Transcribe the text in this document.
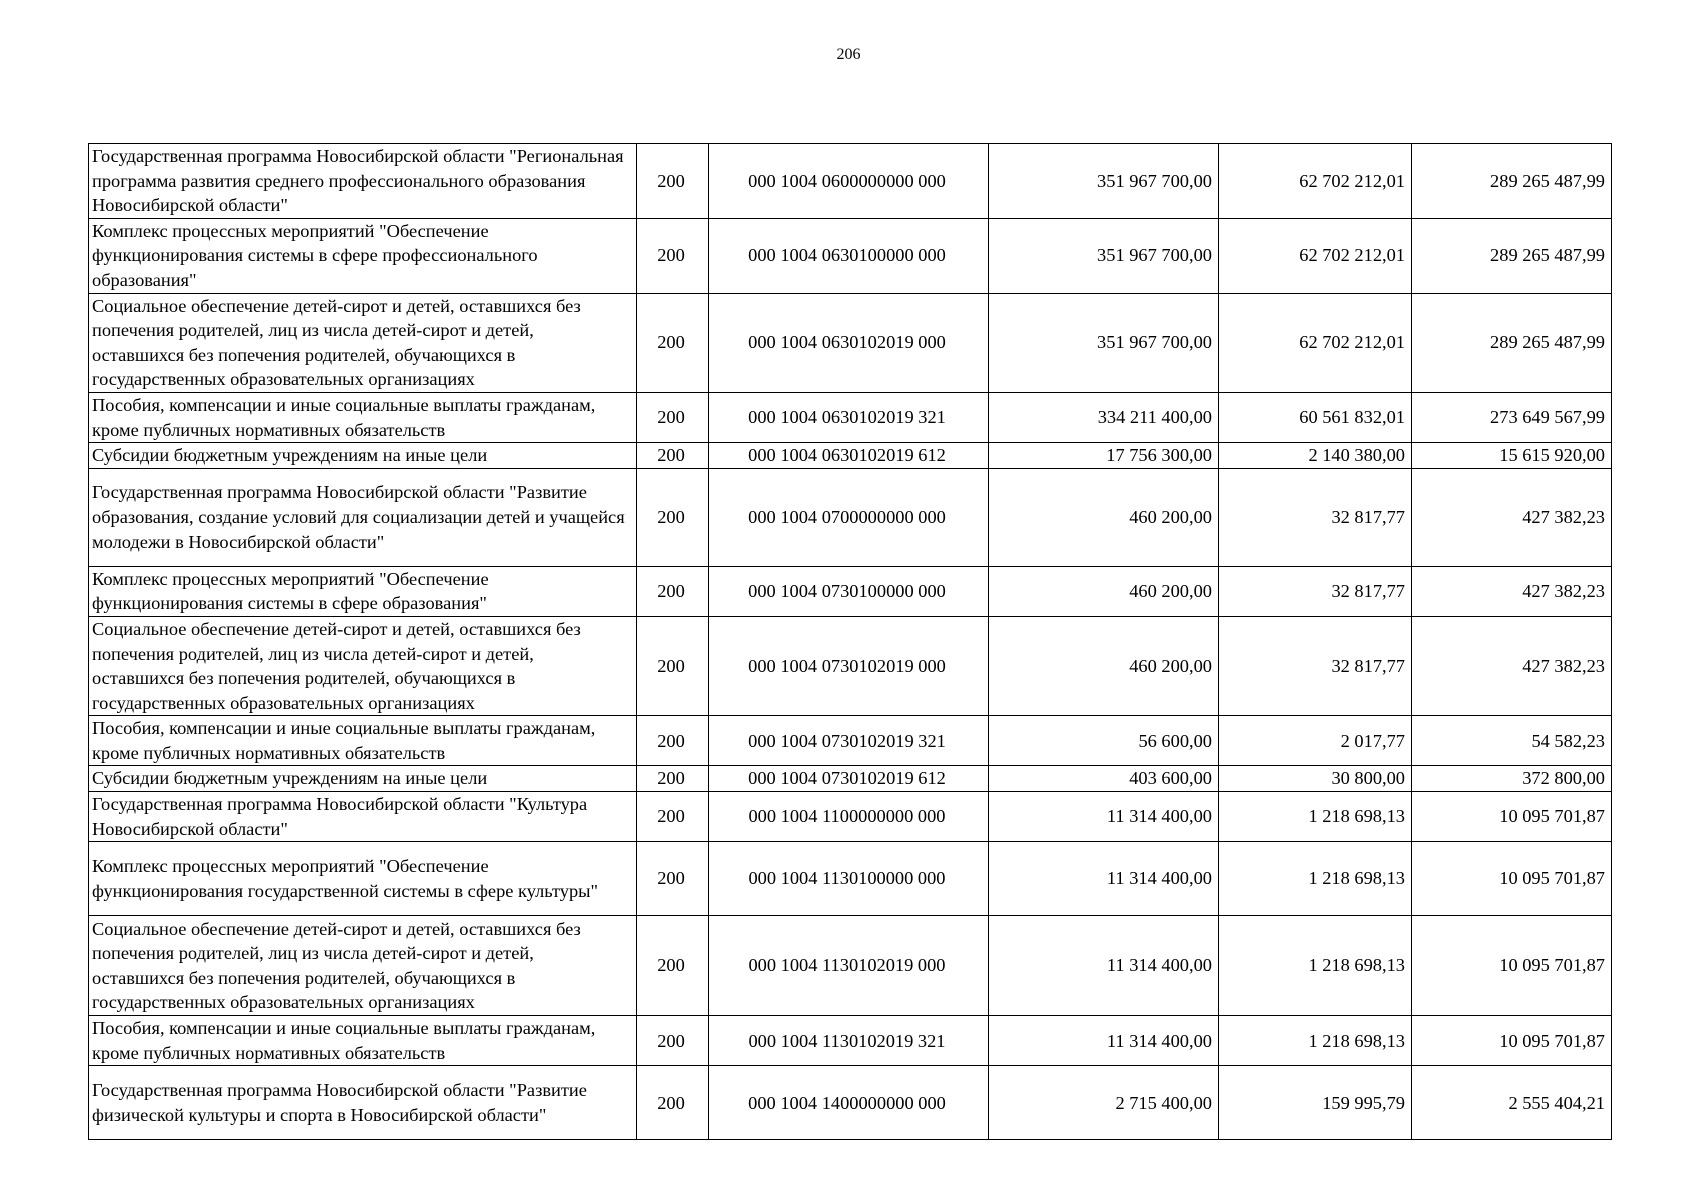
206
Государственная программа Новосибирской области "Региональная программа развития среднего профессионального образования Новосибирской области"	200	000 1004 0600000000 000	351 967 700,00	62 702 212,01	289 265 487,99
Комплекс процессных мероприятий "Обеспечение функционирования системы в сфере профессионального образования"	200	000 1004 0630100000 000	351 967 700,00	62 702 212,01	289 265 487,99
Социальное обеспечение детей-сирот и детей, оставшихся без попечения родителей, лиц из числа детей-сирот и детей, оставшихся без попечения родителей, обучающихся в государственных образовательных организациях	200	000 1004 0630102019 000	351 967 700,00	62 702 212,01	289 265 487,99
Пособия, компенсации и иные социальные выплаты гражданам, кроме публичных нормативных обязательств	200	000 1004 0630102019 321	334 211 400,00	60 561 832,01	273 649 567,99
Субсидии бюджетным учреждениям на иные цели	200	000 1004 0630102019 612	17 756 300,00	2 140 380,00	15 615 920,00
Государственная программа Новосибирской области "Развитие образования, создание условий для социализации детей и учащейся молодежи в Новосибирской области"	200	000 1004 0700000000 000	460 200,00	32 817,77	427 382,23
Комплекс процессных мероприятий "Обеспечение функционирования системы в сфере образования"	200	000 1004 0730100000 000	460 200,00	32 817,77	427 382,23
Социальное обеспечение детей-сирот и детей, оставшихся без попечения родителей, лиц из числа детей-сирот и детей, оставшихся без попечения родителей, обучающихся в государственных образовательных организациях	200	000 1004 0730102019 000	460 200,00	32 817,77	427 382,23
Пособия, компенсации и иные социальные выплаты гражданам, кроме публичных нормативных обязательств	200	000 1004 0730102019 321	56 600,00	2 017,77	54 582,23
Субсидии бюджетным учреждениям на иные цели	200	000 1004 0730102019 612	403 600,00	30 800,00	372 800,00
Государственная программа Новосибирской области "Культура Новосибирской области"	200	000 1004 1100000000 000	11 314 400,00	1 218 698,13	10 095 701,87
Комплекс процессных мероприятий "Обеспечение функционирования государственной системы в сфере культуры"	200	000 1004 1130100000 000	11 314 400,00	1 218 698,13	10 095 701,87
Социальное обеспечение детей-сирот и детей, оставшихся без попечения родителей, лиц из числа детей-сирот и детей, оставшихся без попечения родителей, обучающихся в государственных образовательных организациях	200	000 1004 1130102019 000	11 314 400,00	1 218 698,13	10 095 701,87
Пособия, компенсации и иные социальные выплаты гражданам, кроме публичных нормативных обязательств	200	000 1004 1130102019 321	11 314 400,00	1 218 698,13	10 095 701,87
Государственная программа Новосибирской области "Развитие физической культуры и спорта в Новосибирской области"	200	000 1004 1400000000 000	2 715 400,00	159 995,79	2 555 404,21
